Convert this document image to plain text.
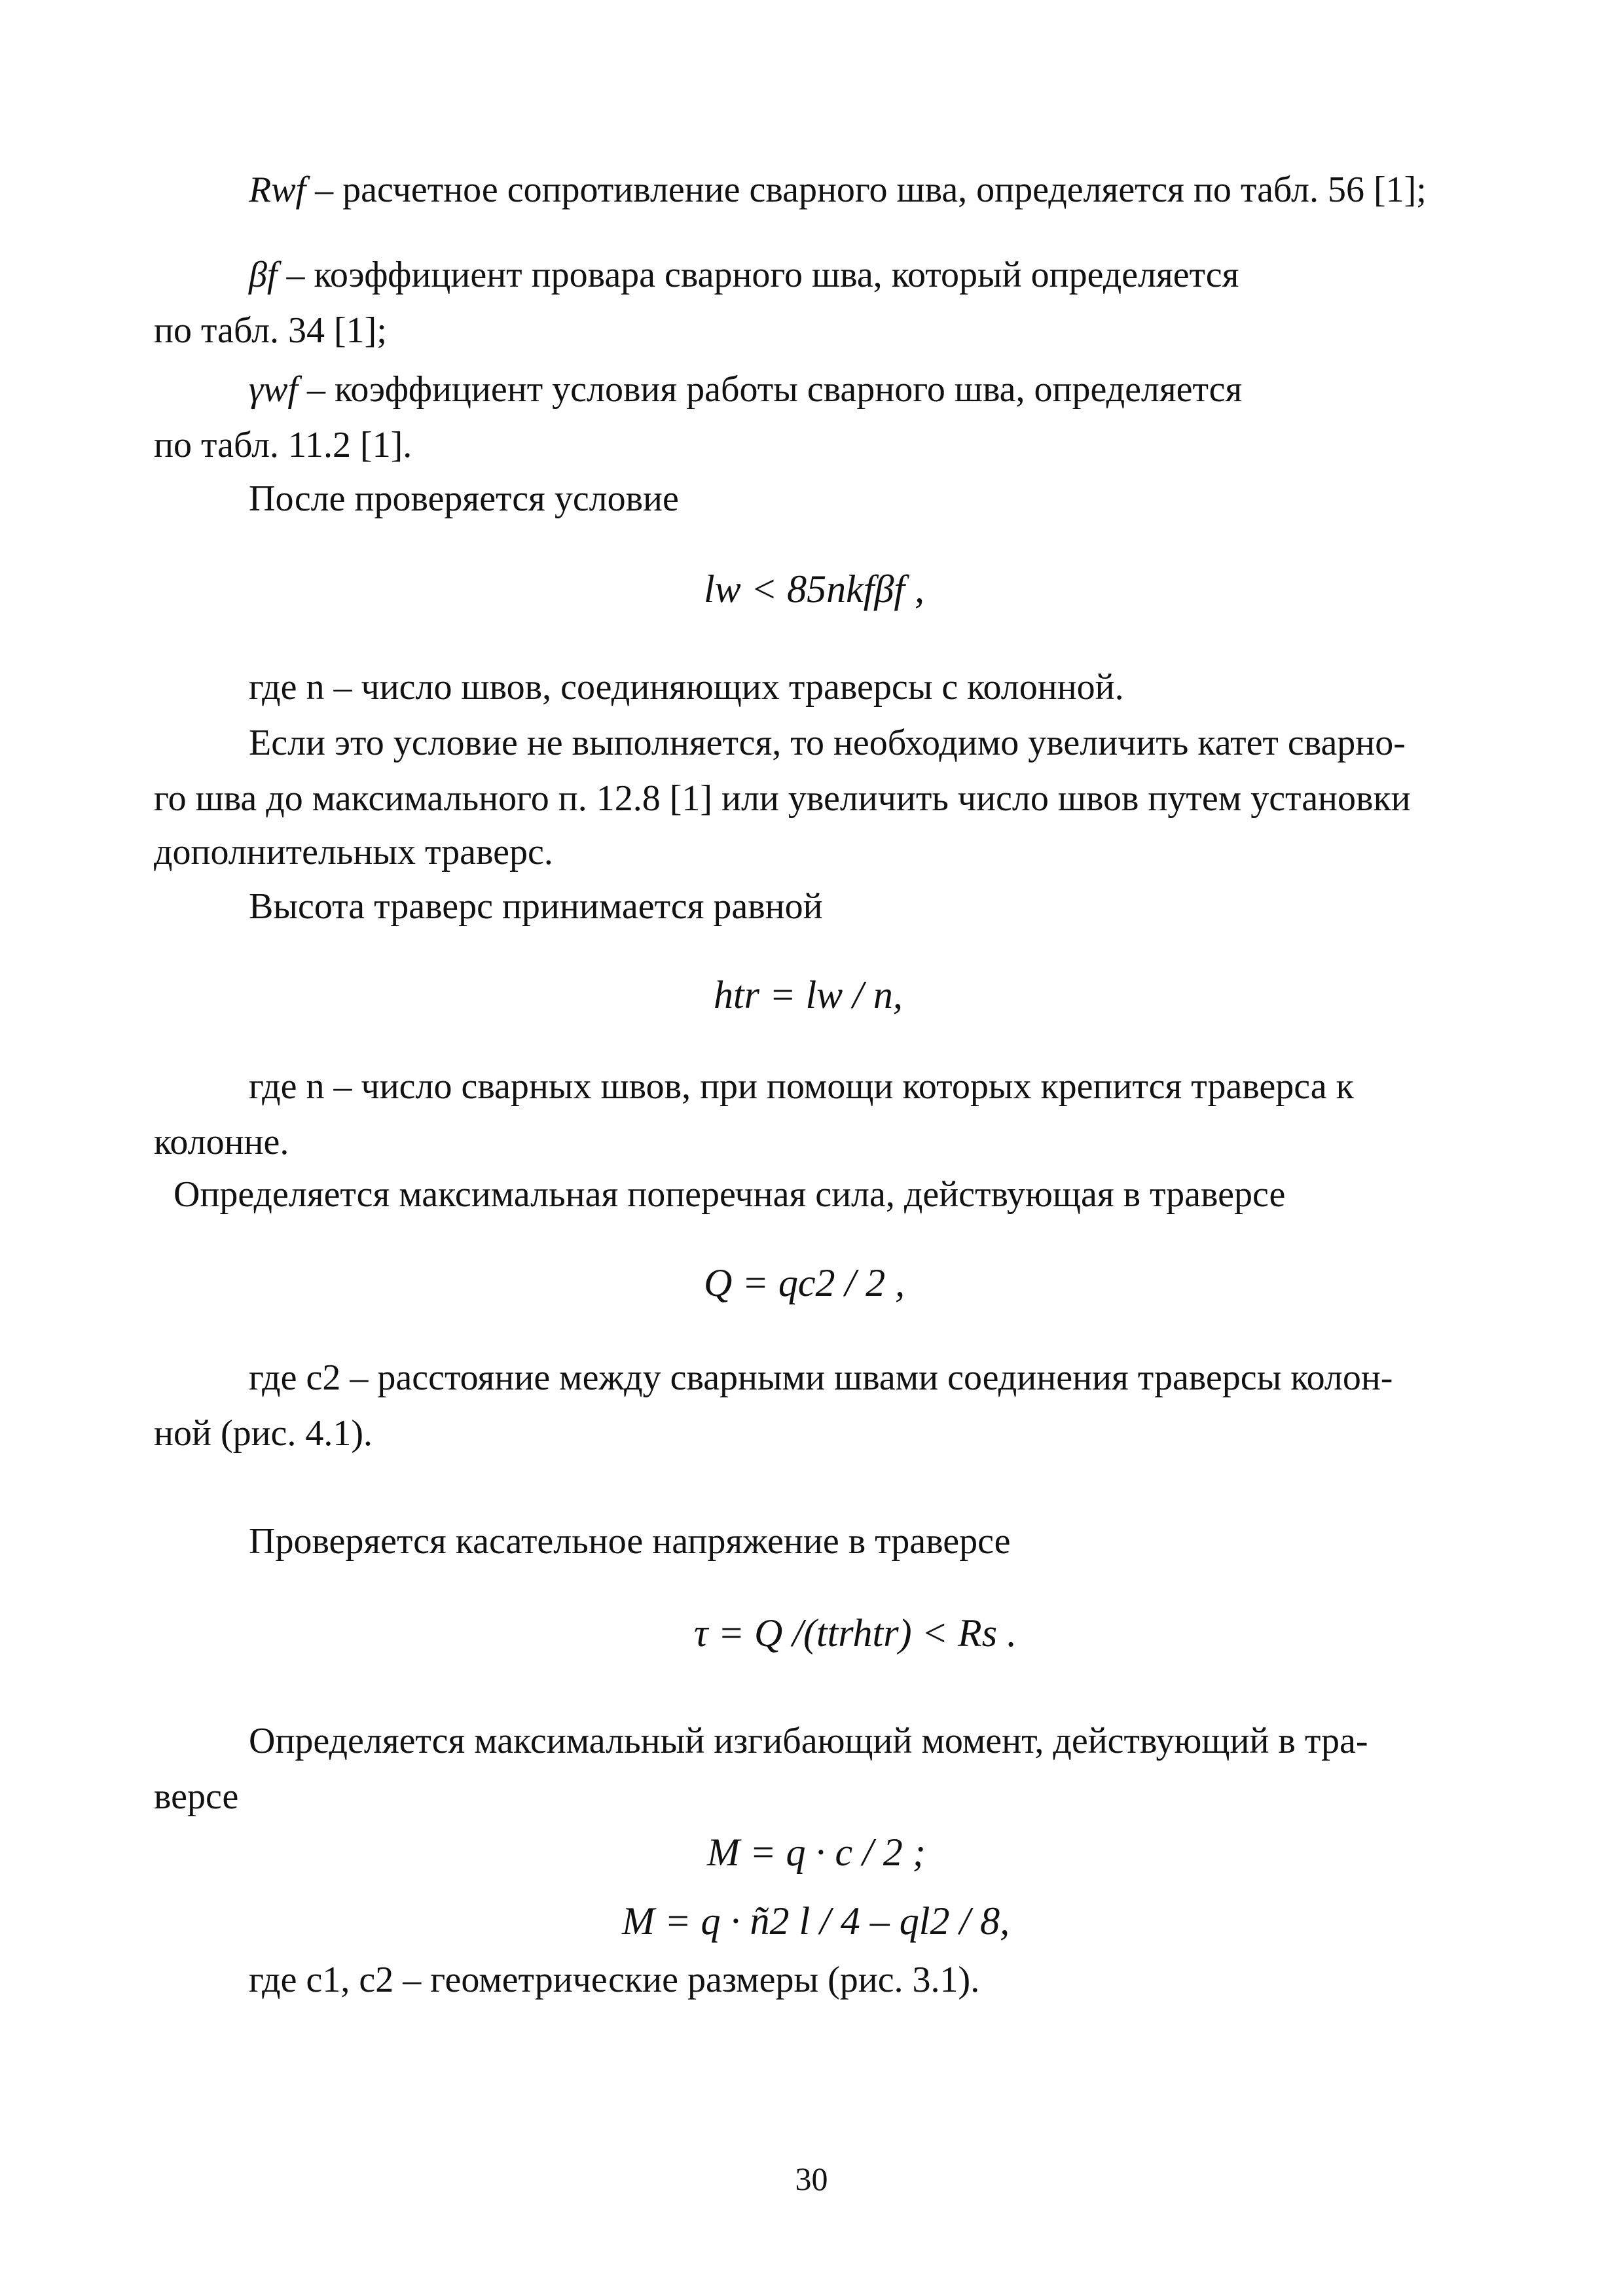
Rwf – расчетное сопротивление сварного шва, определяется по табл. 56 [1];
βf – коэффициент провара сварного шва, который определяется
по табл. 34 [1];
γwf – коэффициент условия работы сварного шва, определяется
по табл. 11.2 [1].
После проверяется условие
lw < 85nkfβf ,
где n – число швов, соединяющих траверсы с колонной.
Если это условие не выполняется, то необходимо увеличить катет сварно-
го шва до максимального п. 12.8 [1] или увеличить число швов путем установки
дополнительных траверс.
Высота траверс принимается равной
htr = lw / n,
где n – число сварных швов, при помощи которых крепится траверса к
колонне.
Определяется максимальная поперечная сила, действующая в траверсе
Q = qc2 / 2 ,
где c2 – расстояние между сварными швами соединения траверсы колон-
ной (рис. 4.1).
Проверяется касательное напряжение в траверсе
τ = Q /(ttrhtr) < Rs .
Определяется максимальный изгибающий момент, действующий в тра-
версе
M = q · c / 2 ;
M = q · ñ2 l / 4 – ql2 / 8,
где c1, c2 – геометрические размеры (рис. 3.1).
30
